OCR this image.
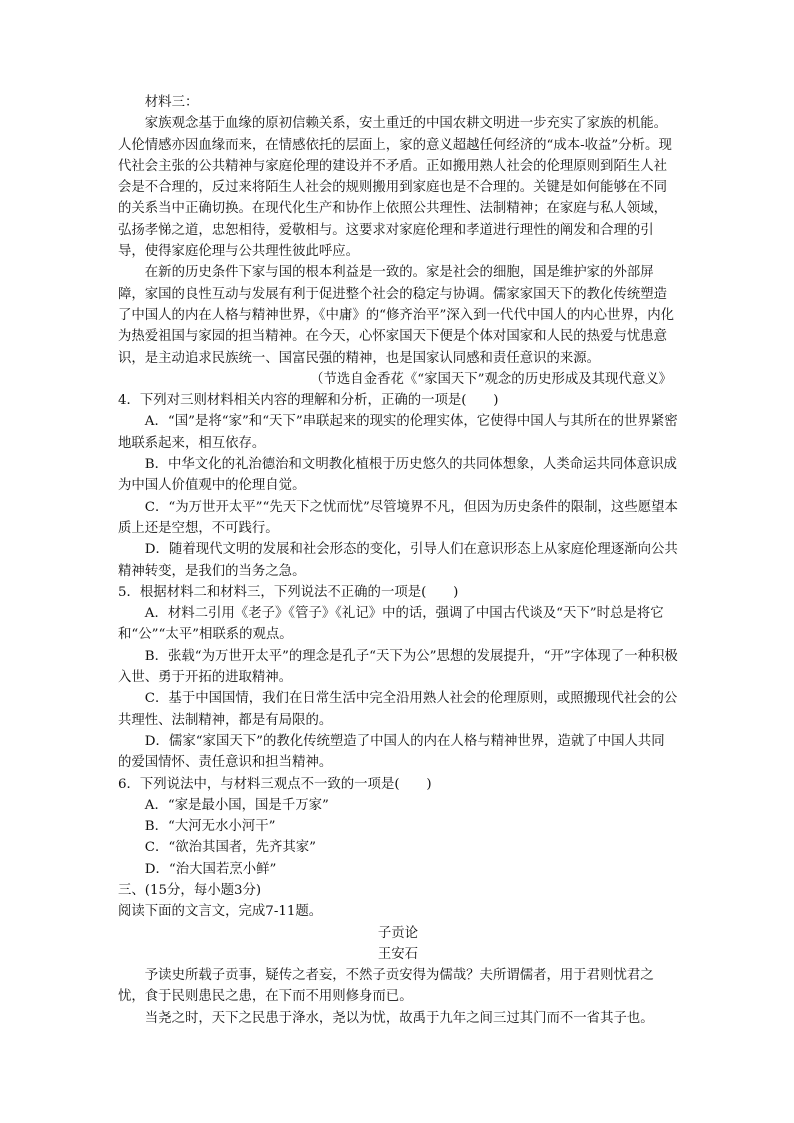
材料三：

家族观念基于血缘的原初信赖关系，安土重迁的中国农耕文明进一步充实了家族的机能。人伦情感亦因血缘而来，在情感依托的层面上，家的意义超越任何经济的“成本-收益”分析。现代社会主张的公共精神与家庭伦理的建设并不矛盾。正如搬用熟人社会的伦理原则到陌生人社会是不合理的，反过来将陌生人社会的规则搬用到家庭也是不合理的。关键是如何能够在不同的关系当中正确切换。在现代化生产和协作上依照公共理性、法制精神；在家庭与私人领域，弘扬孝悌之道，忠恕相待，爱敬相与。这要求对家庭伦理和孝道进行理性的阐发和合理的引导，使得家庭伦理与公共理性彼此呼应。

在新的历史条件下家与国的根本利益是一致的。家是社会的细胞，国是维护家的外部屏障，家国的良性互动与发展有利于促进整个社会的稳定与协调。儒家家国天下的教化传统塑造了中国人的内在人格与精神世界，《中庸》的“修齐治平”深入到一代代中国人的内心世界，内化为热爱祖国与家园的担当精神。在今天，心怀家国天下便是个体对国家和人民的热爱与忧患意识，是主动追求民族统一、国富民强的精神，也是国家认同感和责任意识的来源。

（节选自金香花《“家国天下”观念的历史形成及其现代意义》

4．下列对三则材料相关内容的理解和分析，正确的一项是(　　)

A．“国”是将“家”和“天下”串联起来的现实的伦理实体，它使得中国人与其所在的世界紧密地联系起来，相互依存。

B．中华文化的礼治德治和文明教化植根于历史悠久的共同体想象，人类命运共同体意识成为中国人价值观中的伦理自觉。

C．“为万世开太平”“先天下之忧而忧”尽管境界不凡，但因为历史条件的限制，这些愿望本质上还是空想，不可践行。

D．随着现代文明的发展和社会形态的变化，引导人们在意识形态上从家庭伦理逐渐向公共精神转变，是我们的当务之急。

5．根据材料二和材料三，下列说法不正确的一项是(　　)

A．材料二引用《老子》《管子》《礼记》中的话，强调了中国古代谈及“天下”时总是将它和“公”“太平”相联系的观点。

B．张载“为万世开太平”的理念是孔子“天下为公”思想的发展提升，“开”字体现了一种积极入世、勇于开拓的进取精神。

C．基于中国国情，我们在日常生活中完全沿用熟人社会的伦理原则，或照搬现代社会的公共理性、法制精神，都是有局限的。

D．儒家“家国天下”的教化传统塑造了中国人的内在人格与精神世界，造就了中国人共同的爱国情怀、责任意识和担当精神。

6．下列说法中，与材料三观点不一致的一项是(　　)

A．“家是最小国，国是千万家”

B．“大河无水小河干”

C．“欲治其国者，先齐其家”

D．“治大国若烹小鲜”

三、(15分，每小题3分)

阅读下面的文言文，完成7-11题。

子贡论

王安石

予读史所载子贡事，疑传之者妄，不然子贡安得为儒哉？夫所谓儒者，用于君则忧君之忧，食于民则患民之患，在下而不用则修身而已。

当尧之时，天下之民患于洚水，尧以为忧，故禹于九年之间三过其门而不一省其子也。
